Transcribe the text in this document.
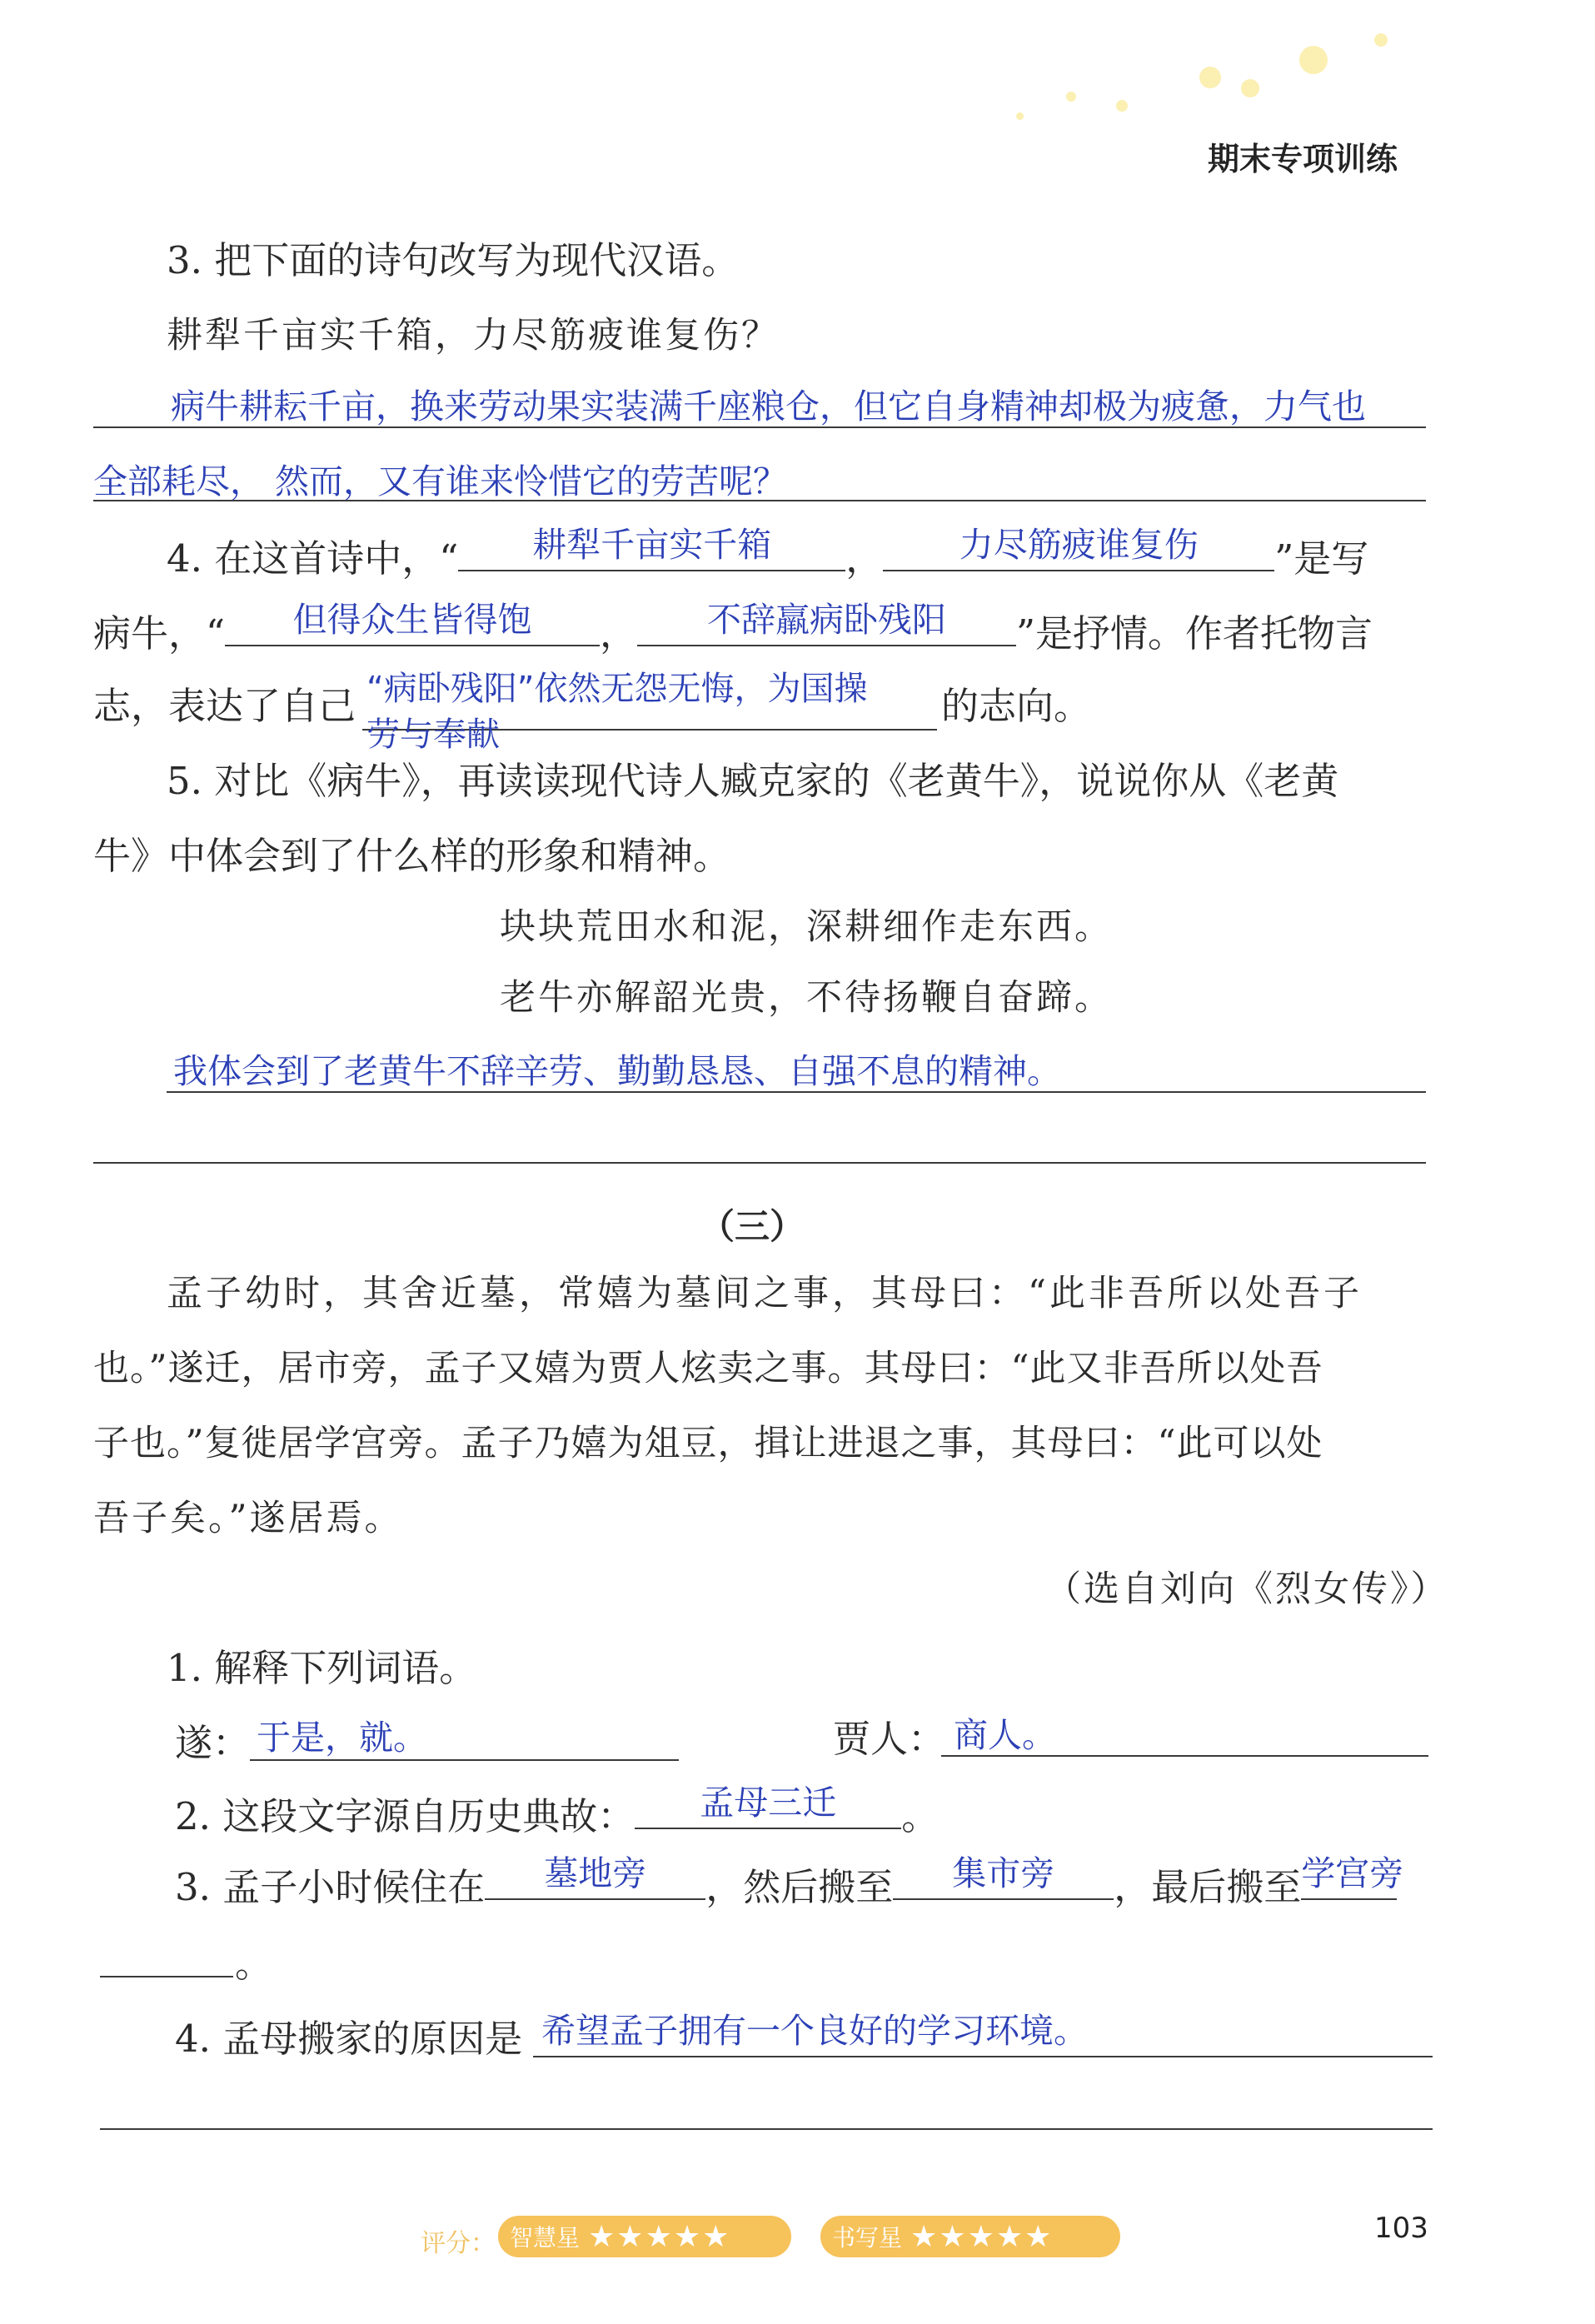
期末专项训练
3. 把下面的诗句改写为现代汉语。
耕犁千亩实千箱，力尽筋疲谁复伤？
病牛耕耘千亩，换来劳动果实装满千座粮仓，但它自身精神却极为疲惫，力气也
全部耗尽， 然而，又有谁来怜惜它的劳苦呢？
4. 在这首诗中，“	耕犁千亩实千箱	，	力尽筋疲谁复伤	”是写
病牛，“	但得众生皆得饱	，	不辞羸病卧残阳	”是抒情。作者托物言
志，表达了自己 “病卧残阳”依然无怨无悔，为国操
劳与奉献
的志向。
5. 对比《病牛》，再读读现代诗人臧克家的《老黄牛》，说说你从《老黄
牛》中体会到了什么样的形象和精神。
块块荒田水和泥，深耕细作走东西。
老牛亦解韶光贵，不待扬鞭自奋蹄。
我体会到了老黄牛不辞辛劳、勤勤恳恳、自强不息的精神。
（三）
孟子幼时，其舍近墓，常嬉为墓间之事，其母曰：“此非吾所以处吾子
也。”遂迁，居市旁，孟子又嬉为贾人炫卖之事。其母曰：“此又非吾所以处吾
子也。”复徙居学宫旁。孟子乃嬉为俎豆，揖让进退之事，其母曰：“此可以处
吾子矣。”遂居焉。
（选自刘向《烈女传》）
1. 解释下列词语。
遂： 于是，就。	贾人： 商人。
2. 这段文字源自历史典故：	孟母三迁	。
3. 孟子小时候住在	墓地旁	，然后搬至	集市旁	，最后搬至 学宫旁
。
4. 孟母搬家的原因是 希望孟子拥有一个良好的学习环境。
评分： 智慧星 ★★★★★	书写星 ★★★★★	103
